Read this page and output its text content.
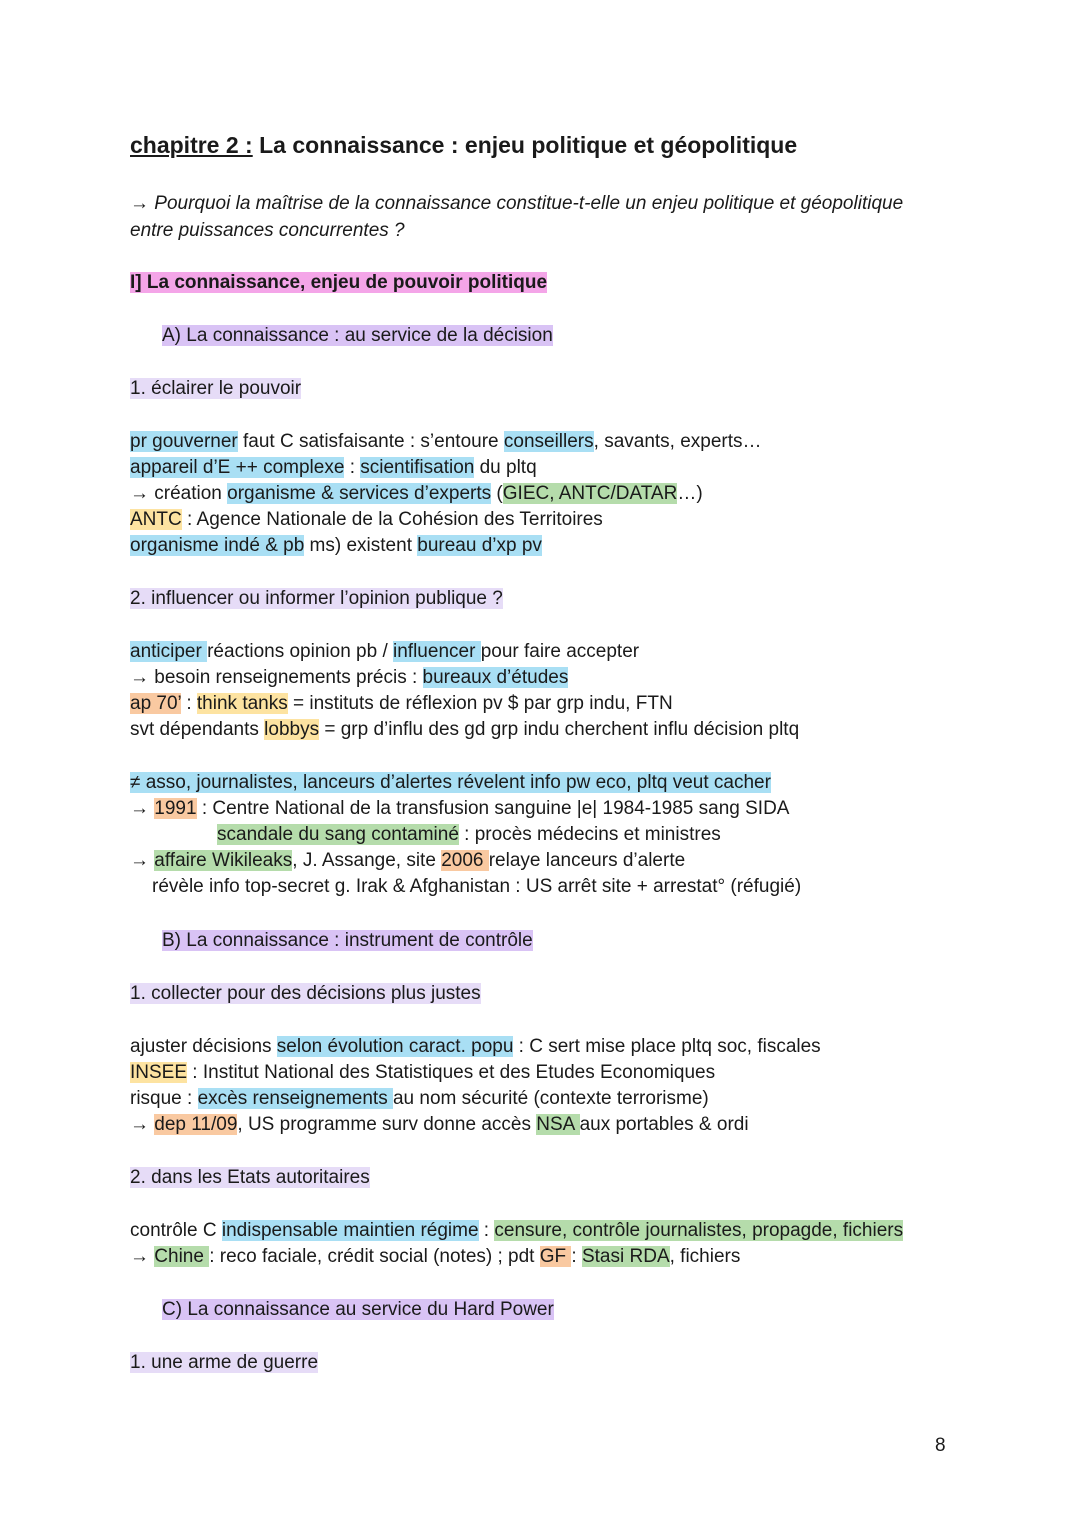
chapitre 2 : La connaissance : enjeu politique et géopolitique
→ Pourquoi la maîtrise de la connaissance constitue-t-elle un enjeu politique et géopolitique
entre puissances concurrentes ?
I] La connaissance, enjeu de pouvoir politique
A) La connaissance : au service de la décision
1. éclairer le pouvoir
pr gouverner faut C satisfaisante : s’entoure conseillers, savants, experts…
appareil d’E ++ complexe : scientifisation du pltq
→ création organisme & services d’experts (GIEC, ANTC/DATAR…)
ANTC : Agence Nationale de la Cohésion des Territoires
organisme indé & pb ms) existent bureau d’xp pv
2. influencer ou informer l’opinion publique ?
anticiper réactions opinion pb / influencer pour faire accepter
→ besoin renseignements précis : bureaux d’études
ap 70’ : think tanks = instituts de réflexion pv $ par grp indu, FTN
svt dépendants lobbys = grp d’influ des gd grp indu cherchent influ décision pltq
≠ asso, journalistes, lanceurs d’alertes révelent info pw eco, pltq veut cacher
→ 1991 : Centre National de la transfusion sanguine |e| 1984-1985 sang SIDA
scandale du sang contaminé : procès médecins et ministres
→ affaire Wikileaks, J. Assange, site 2006 relaye lanceurs d’alerte
révèle info top-secret g. Irak & Afghanistan : US arrêt site + arrestat° (réfugié)
B) La connaissance : instrument de contrôle
1. collecter pour des décisions plus justes
ajuster décisions selon évolution caract. popu : C sert mise place pltq soc, fiscales
INSEE : Institut National des Statistiques et des Etudes Economiques
risque : excès renseignements au nom sécurité (contexte terrorisme)
→ dep 11/09, US programme surv donne accès NSA aux portables & ordi
2. dans les Etats autoritaires
contrôle C indispensable maintien régime : censure, contrôle journalistes, propagde, fichiers
→ Chine : reco faciale, crédit social (notes) ; pdt GF : Stasi RDA, fichiers
C) La connaissance au service du Hard Power
1. une arme de guerre
8
